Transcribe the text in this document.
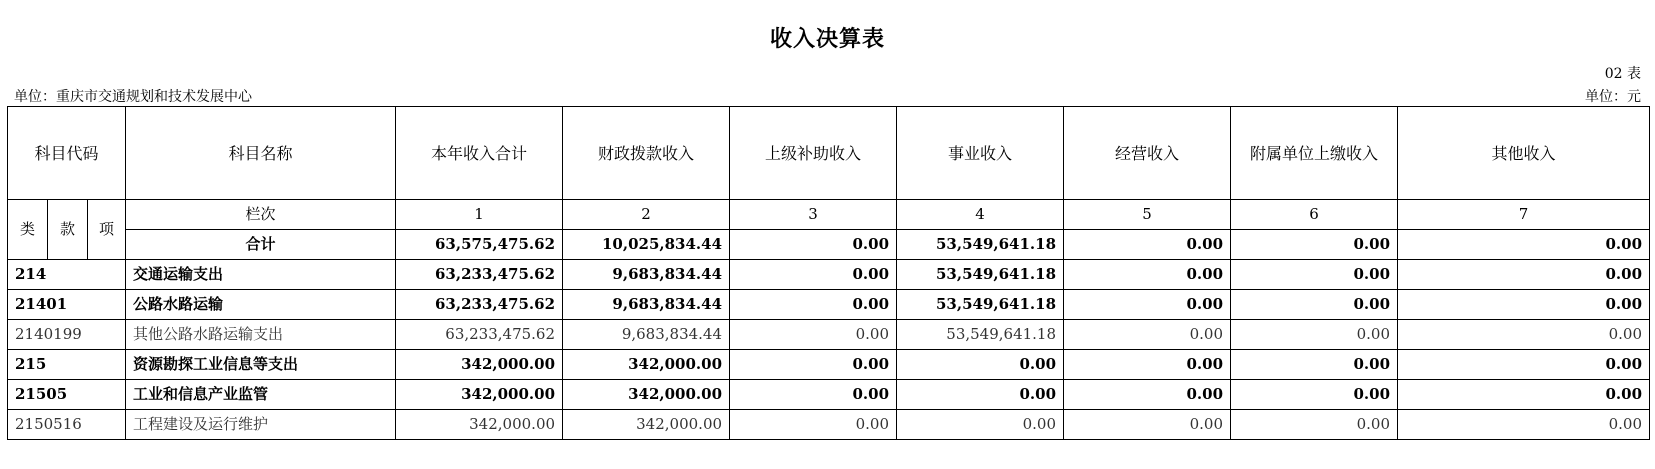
收入决算表
02 表
单位：重庆市交通规划和技术发展中心	单位：元
科目代码			科目名称	本年收入合计	财政拨款收入	上级补助收入	事业收入	经营收入	附属单位上缴收入	其他收入
类	款	项	栏次	1	2	3	4	5	6	7
			合计	63,575,475.62	10,025,834.44	0.00	53,549,641.18	0.00	0.00	0.00
214			交通运输支出	63,233,475.62	9,683,834.44	0.00	53,549,641.18	0.00	0.00	0.00
21401			公路水路运输	63,233,475.62	9,683,834.44	0.00	53,549,641.18	0.00	0.00	0.00
2140199			其他公路水路运输支出	63,233,475.62	9,683,834.44	0.00	53,549,641.18	0.00	0.00	0.00
215			资源勘探工业信息等支出	342,000.00	342,000.00	0.00	0.00	0.00	0.00	0.00
21505			工业和信息产业监管	342,000.00	342,000.00	0.00	0.00	0.00	0.00	0.00
2150516			工程建设及运行维护	342,000.00	342,000.00	0.00	0.00	0.00	0.00	0.00
